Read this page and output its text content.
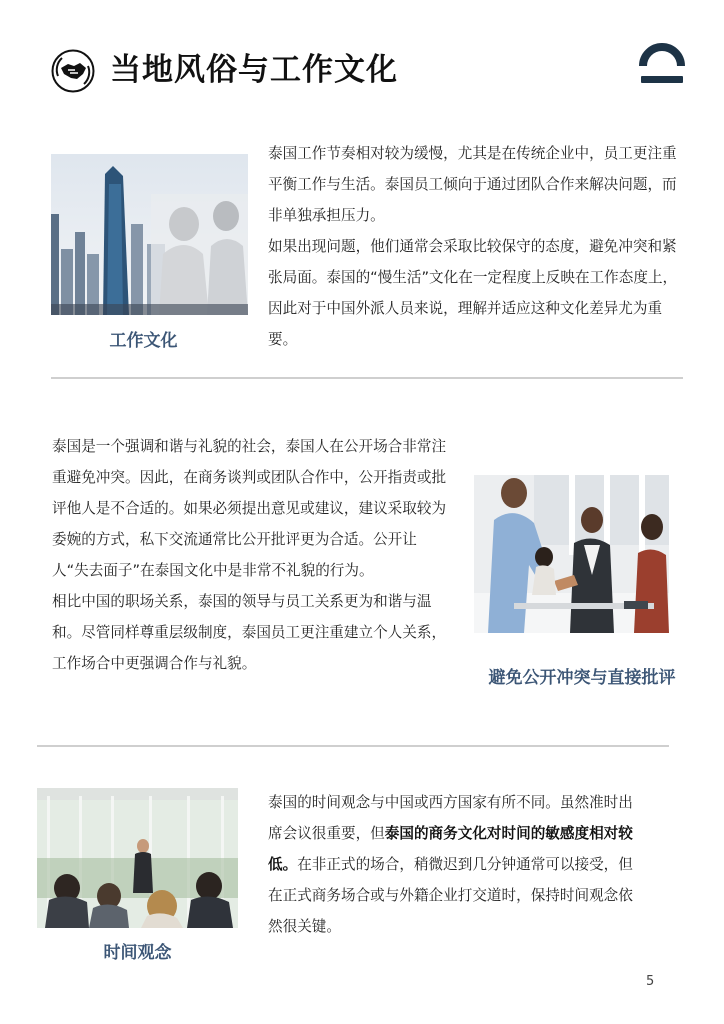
当地风俗与工作文化
工作文化

泰国工作节奏相对较为缓慢，尤其是在传统企业中，员工更注重平衡工作与生活。泰国员工倾向于通过团队合作来解决问题，而非单独承担压力。

如果出现问题，他们通常会采取比较保守的态度，避免冲突和紧张局面。泰国的“慢生活”文化在一定程度上反映在工作态度上，因此对于中国外派人员来说，理解并适应这种文化差异尤为重要。

泰国是一个强调和谐与礼貌的社会，泰国人在公开场合非常注重避免冲突。因此，在商务谈判或团队合作中，公开指责或批评他人是不合适的。如果必须提出意见或建议，建议采取较为委婉的方式，私下交流通常比公开批评更为合适。公开让人“失去面子”在泰国文化中是非常不礼貌的行为。

相比中国的职场关系，泰国的领导与员工关系更为和谐与温和。尽管同样尊重层级制度，泰国员工更注重建立个人关系，工作场合中更强调合作与礼貌。

避免公开冲突与直接批评
时间观念

泰国的时间观念与中国或西方国家有所不同。虽然准时出席会议很重要，但泰国的商务文化对时间的敏感度相对较低。在非正式的场合，稍微迟到几分钟通常可以接受，但在正式商务场合或与外籍企业打交道时，保持时间观念依然很关键。

5
